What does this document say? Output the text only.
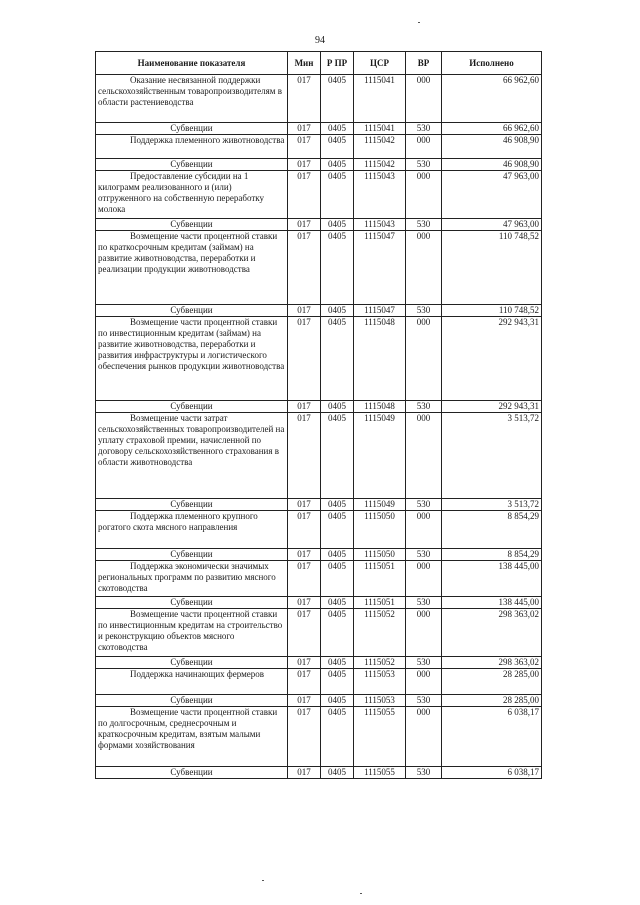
94
Наименование показателя	Мин	Р ПР	ЦСР	ВР	Исполнено
Оказание несвязанной поддержки сельскохозяйственным товаропроизводителям в области растениеводства	017	0405	1115041	000	66 962,60
Субвенции	017	0405	1115041	530	66 962,60
Поддержка племенного животноводства	017	0405	1115042	000	46 908,90
Субвенции	017	0405	1115042	530	46 908,90
Предоставление субсидии на 1 килограмм реализованного и (или) отгруженного на собственную переработку молока	017	0405	1115043	000	47 963,00
Субвенции	017	0405	1115043	530	47 963,00
Возмещение части процентной ставки по краткосрочным кредитам (займам) на развитие животноводства, переработки и реализации продукции животноводства	017	0405	1115047	000	110 748,52
Субвенции	017	0405	1115047	530	110 748,52
Возмещение части процентной ставки по инвестиционным кредитам (займам) на развитие животноводства, переработки и развития инфраструктуры и логистического обеспечения рынков продукции животноводства	017	0405	1115048	000	292 943,31
Субвенции	017	0405	1115048	530	292 943,31
Возмещение части затрат сельскохозяйственных товаропроизводителей на уплату страховой премии, начисленной по договору сельскохозяйственного страхования в области животноводства	017	0405	1115049	000	3 513,72
Субвенции	017	0405	1115049	530	3 513,72
Поддержка племенного крупного рогатого скота мясного направления	017	0405	1115050	000	8 854,29
Субвенции	017	0405	1115050	530	8 854,29
Поддержка экономически значимых региональных программ по развитию мясного скотоводства	017	0405	1115051	000	138 445,00
Субвенции	017	0405	1115051	530	138 445,00
Возмещение части процентной ставки по инвестиционным кредитам на строительство и реконструкцию объектов мясного скотоводства	017	0405	1115052	000	298 363,02
Субвенции	017	0405	1115052	530	298 363,02
Поддержка начинающих фермеров	017	0405	1115053	000	28 285,00
Субвенции	017	0405	1115053	530	28 285,00
Возмещение части процентной ставки по долгосрочным, среднесрочным и краткосрочным кредитам, взятым малыми формами хозяйствования	017	0405	1115055	000	6 038,17
Субвенции	017	0405	1115055	530	6 038,17
